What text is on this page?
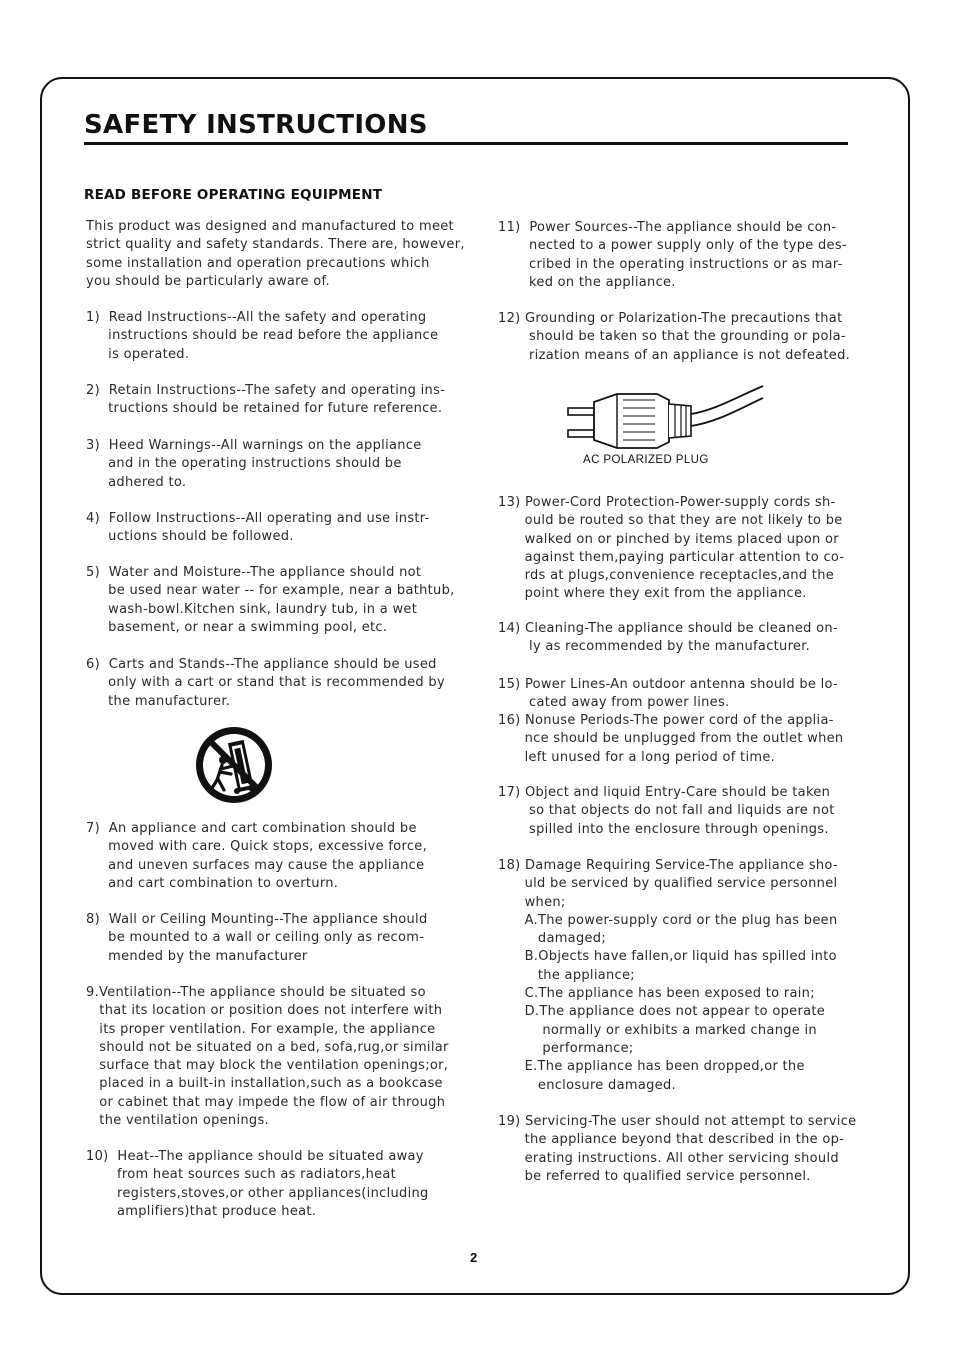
SAFETY INSTRUCTIONS
READ BEFORE OPERATING EQUIPMENT
This product was designed and manufactured to meet
strict quality and safety standards. There are, however,
some installation and operation precautions which
you should be particularly aware of.
1)  Read Instructions--All the safety and operating
instructions should be read before the appliance
is operated.
2)  Retain Instructions--The safety and operating ins-
tructions should be retained for future reference.
3)  Heed Warnings--All warnings on the appliance
and in the operating instructions should be
adhered to.
4)  Follow Instructions--All operating and use instr-
uctions should be followed.
5)  Water and Moisture--The appliance should not
be used near water -- for example, near a bathtub,
wash-bowl.Kitchen sink, laundry tub, in a wet
basement, or near a swimming pool, etc.
6)  Carts and Stands--The appliance should be used
only with a cart or stand that is recommended by
the manufacturer.
7)  An appliance and cart combination should be
moved with care. Quick stops, excessive force,
and uneven surfaces may cause the appliance
and cart combination to overturn.
8)  Wall or Ceiling Mounting--The appliance should
be mounted to a wall or ceiling only as recom-
mended by the manufacturer
9.Ventilation--The appliance should be situated so
that its location or position does not interfere with
its proper ventilation. For example, the appliance
should not be situated on a bed, sofa,rug,or similar
surface that may block the ventilation openings;or,
placed in a built-in installation,such as a bookcase
or cabinet that may impede the flow of air through
the ventilation openings.
10)  Heat--The appliance should be situated away
from heat sources such as radiators,heat
registers,stoves,or other appliances(including
amplifiers)that produce heat.
11)  Power Sources--The appliance should be con-
nected to a power supply only of the type des-
cribed in the operating instructions or as mar-
ked on the appliance.
12) Grounding or Polarization-The precautions that
should be taken so that the grounding or pola-
rization means of an appliance is not defeated.
AC POLARIZED PLUG
13) Power-Cord Protection-Power-supply cords sh-
ould be routed so that they are not likely to be
walked on or pinched by items placed upon or
against them,paying particular attention to co-
rds at plugs,convenience receptacles,and the
point where they exit from the appliance.
14) Cleaning-The appliance should be cleaned on-
ly as recommended by the manufacturer.
15) Power Lines-An outdoor antenna should be lo-
cated away from power lines.
16) Nonuse Periods-The power cord of the applia-
nce should be unplugged from the outlet when
left unused for a long period of time.
17) Object and liquid Entry-Care should be taken
so that objects do not fall and liquids are not
spilled into the enclosure through openings.
18) Damage Requiring Service-The appliance sho-
uld be serviced by qualified service personnel
when;
A.The power-supply cord or the plug has been
damaged;
B.Objects have fallen,or liquid has spilled into
the appliance;
C.The appliance has been exposed to rain;
D.The appliance does not appear to operate
normally or exhibits a marked change in
performance;
E.The appliance has been dropped,or the
enclosure damaged.
19) Servicing-The user should not attempt to service
the appliance beyond that described in the op-
erating instructions. All other servicing should
be referred to qualified service personnel.
2
